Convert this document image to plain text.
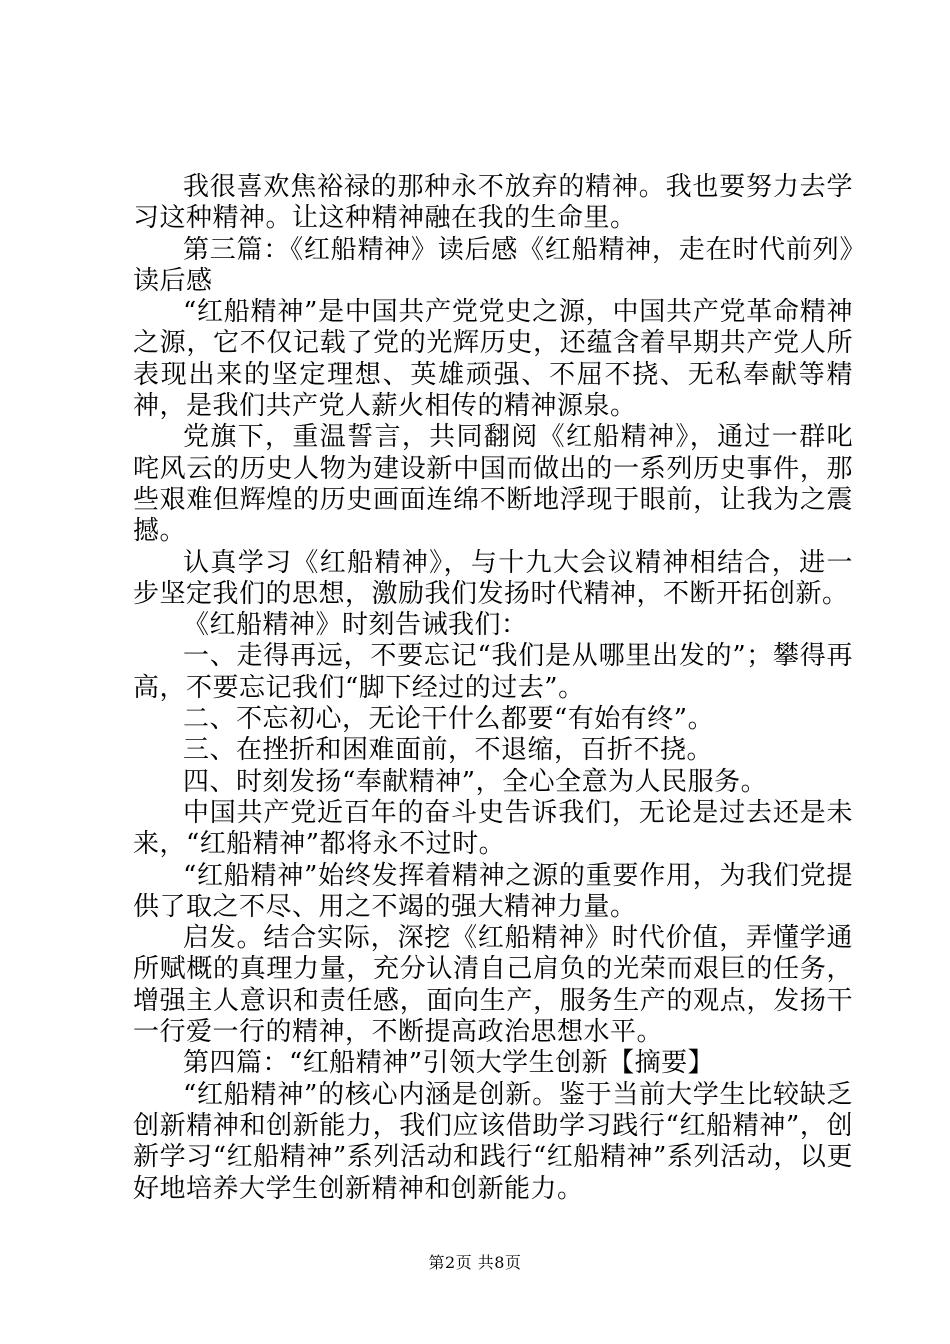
我很喜欢焦裕禄的那种永不放弃的精神。我也要努力去学习这种精神。让这种精神融在我的生命里。

第三篇：《红船精神》读后感《红船精神，走在时代前列》读后感

“红船精神”是中国共产党党史之源，中国共产党革命精神之源，它不仅记载了党的光辉历史，还蕴含着早期共产党人所表现出来的坚定理想、英雄顽强、不屈不挠、无私奉献等精神，是我们共产党人薪火相传的精神源泉。

党旗下，重温誓言，共同翻阅《红船精神》，通过一群叱咤风云的历史人物为建设新中国而做出的一系列历史事件，那些艰难但辉煌的历史画面连绵不断地浮现于眼前，让我为之震撼。

认真学习《红船精神》，与十九大会议精神相结合，进一步坚定我们的思想，激励我们发扬时代精神，不断开拓创新。

《红船精神》时刻告诫我们：

一、走得再远，不要忘记“我们是从哪里出发的”；攀得再高，不要忘记我们“脚下经过的过去”。

二、不忘初心，无论干什么都要“有始有终”。

三、在挫折和困难面前，不退缩，百折不挠。

四、时刻发扬“奉献精神”，全心全意为人民服务。

中国共产党近百年的奋斗史告诉我们，无论是过去还是未来，“红船精神”都将永不过时。

“红船精神”始终发挥着精神之源的重要作用，为我们党提供了取之不尽、用之不竭的强大精神力量。

启发。结合实际，深挖《红船精神》时代价值，弄懂学通所赋概的真理力量，充分认清自己肩负的光荣而艰巨的任务，增强主人意识和责任感，面向生产，服务生产的观点，发扬干一行爱一行的精神，不断提高政治思想水平。

第四篇：“红船精神”引领大学生创新【摘要】

“红船精神”的核心内涵是创新。鉴于当前大学生比较缺乏创新精神和创新能力，我们应该借助学习践行“红船精神”，创新学习“红船精神”系列活动和践行“红船精神”系列活动，以更好地培养大学生创新精神和创新能力。

第2页 共8页
